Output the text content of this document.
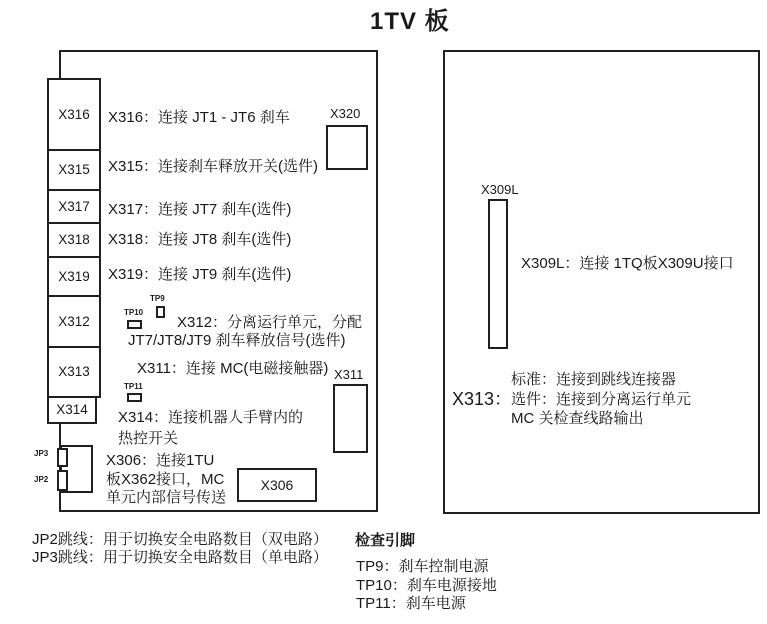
1TV 板
X316
X315
X317
X318
X319
X312
X313
X314
X320
X311
X306
TP9
TP10
TP11
JP3
JP2
X316：连接 JT1 - JT6 刹车
X315：连接刹车释放开关(选件)
X317：连接 JT7 刹车(选件)
X318：连接 JT8 刹车(选件)
X319：连接 JT9 刹车(选件)
X312：分离运行单元，分配
JT7/JT8/JT9 刹车释放信号(选件)
X311：连接 MC(电磁接触器)
X314：连接机器人手臂内的
热控开关
X306：连接1TU
板X362接口，MC
单元内部信号传送
X309L
X309L：连接 1TQ板X309U接口
X313：
标准：连接到跳线连接器
选件：连接到分离运行单元
MC 关检查线路输出
JP2跳线：用于切换安全电路数目（双电路）
JP3跳线：用于切换安全电路数目（单电路）
检查引脚
TP9：刹车控制电源
TP10：刹车电源接地
TP11：刹车电源
